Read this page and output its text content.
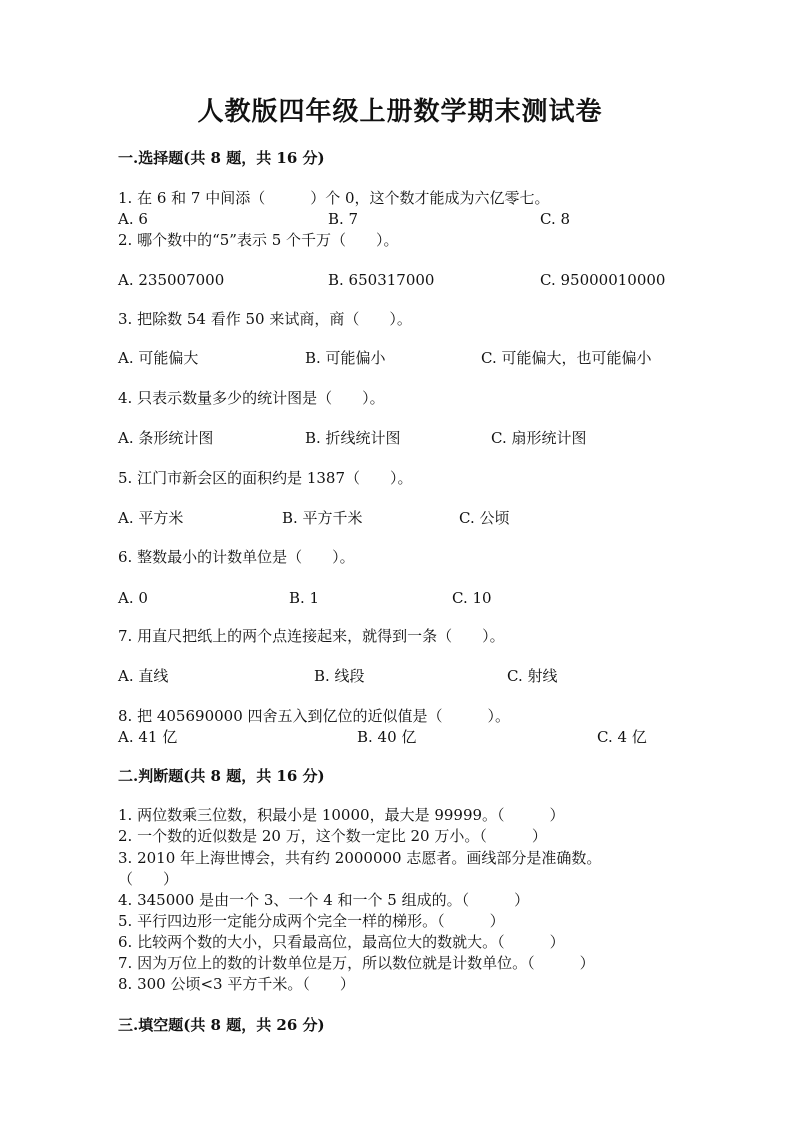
人教版四年级上册数学期末测试卷
一.选择题(共 8 题，共 16 分)
1. 在 6 和 7 中间添（　　　）个 0，这个数才能成为六亿零七。
A. 6	B. 7	C. 8
2. 哪个数中的“5”表示 5 个千万（　　）。
A. 235007000	B. 650317000	C. 95000010000
3. 把除数 54 看作 50 来试商，商（　　）。
A. 可能偏大	B. 可能偏小	C. 可能偏大，也可能偏小
4. 只表示数量多少的统计图是（　　）。
A. 条形统计图	B. 折线统计图	C. 扇形统计图
5. 江门市新会区的面积约是 1387（　　）。
A. 平方米	B. 平方千米	C. 公顷
6. 整数最小的计数单位是（　　）。
A. 0	B. 1	C. 10
7. 用直尺把纸上的两个点连接起来，就得到一条（　　）。
A. 直线	B. 线段	C. 射线
8. 把 405690000 四舍五入到亿位的近似值是（　　　）。
A. 41 亿	B. 40 亿	C. 4 亿
二.判断题(共 8 题，共 16 分)
1. 两位数乘三位数，积最小是 10000，最大是 99999。（　　　）
2. 一个数的近似数是 20 万，这个数一定比 20 万小。（　　　）
3. 2010 年上海世博会，共有约 2000000 志愿者。画线部分是准确数。
（　　）
4. 345000 是由一个 3、一个 4 和一个 5 组成的。（　　　）
5. 平行四边形一定能分成两个完全一样的梯形。（　　　）
6. 比较两个数的大小，只看最高位，最高位大的数就大。（　　　）
7. 因为万位上的数的计数单位是万，所以数位就是计数单位。（　　　）
8. 300 公顷<3 平方千米。（　　）
三.填空题(共 8 题，共 26 分)
